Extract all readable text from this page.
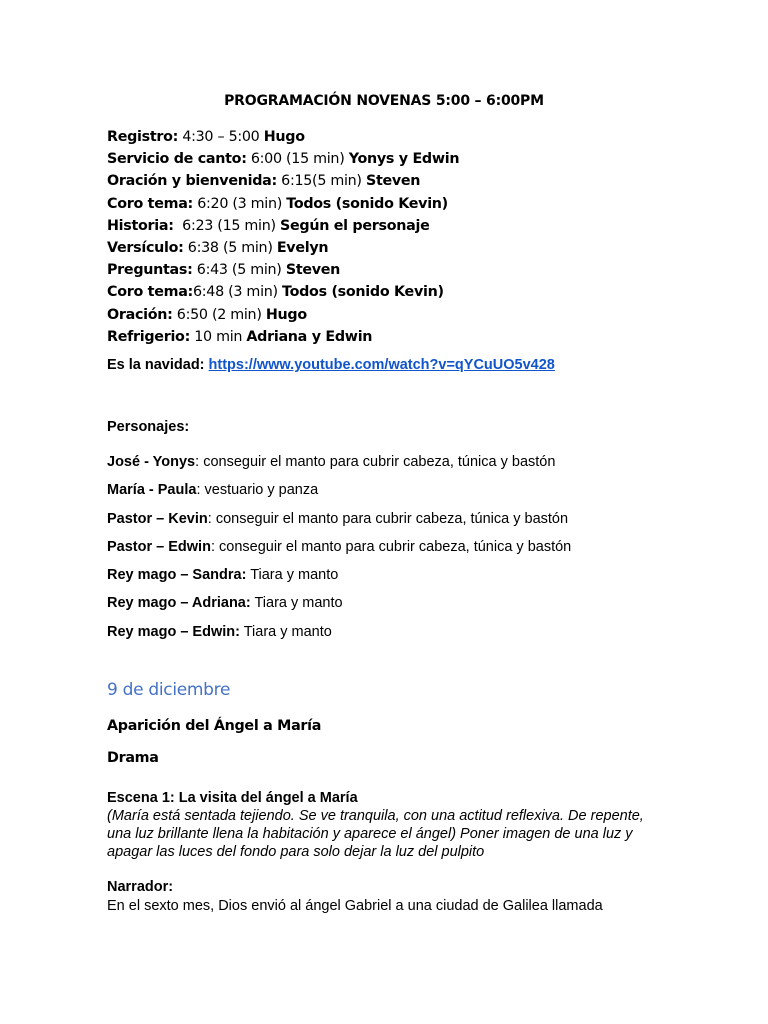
PROGRAMACIÓN NOVENAS 5:00 – 6:00PM
Registro: 4:30 – 5:00 Hugo
Servicio de canto: 6:00 (15 min) Yonys y Edwin
Oración y bienvenida: 6:15(5 min) Steven
Coro tema: 6:20 (3 min) Todos (sonido Kevin)
Historia:  6:23 (15 min) Según el personaje
Versículo: 6:38 (5 min) Evelyn
Preguntas: 6:43 (5 min) Steven
Coro tema:6:48 (3 min) Todos (sonido Kevin)
Oración: 6:50 (2 min) Hugo
Refrigerio: 10 min Adriana y Edwin
Es la navidad: https://www.youtube.com/watch?v=qYCuUO5v428
Personajes:
José - Yonys: conseguir el manto para cubrir cabeza, túnica y bastón
María - Paula: vestuario y panza
Pastor – Kevin: conseguir el manto para cubrir cabeza, túnica y bastón
Pastor – Edwin: conseguir el manto para cubrir cabeza, túnica y bastón
Rey mago – Sandra: Tiara y manto
Rey mago – Adriana: Tiara y manto
Rey mago – Edwin: Tiara y manto
9 de diciembre
Aparición del Ángel a María
Drama
Escena 1: La visita del ángel a María
(María está sentada tejiendo. Se ve tranquila, con una actitud reflexiva. De repente, una luz brillante llena la habitación y aparece el ángel) Poner imagen de una luz y apagar las luces del fondo para solo dejar la luz del pulpito
Narrador:
En el sexto mes, Dios envió al ángel Gabriel a una ciudad de Galilea llamada
